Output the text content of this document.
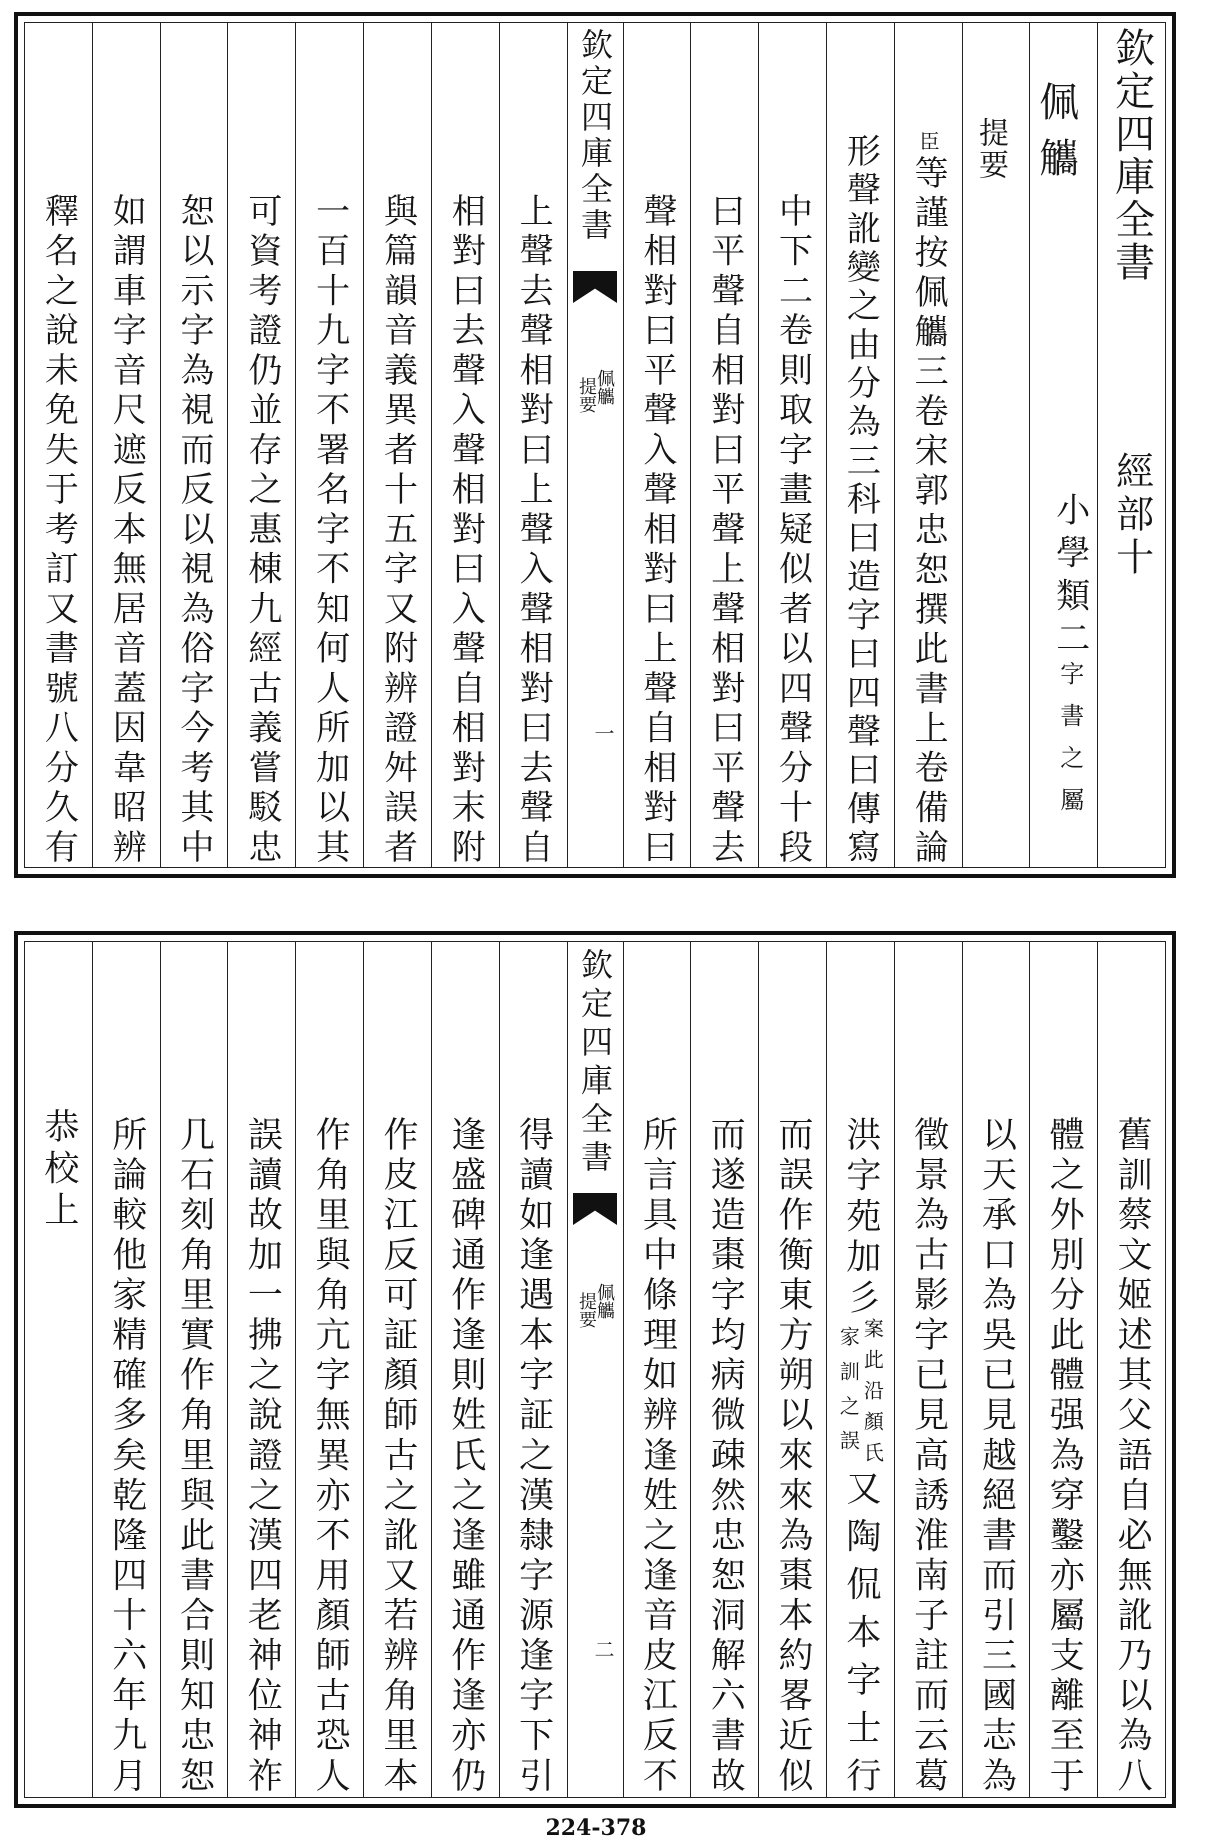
欽定四庫全書
經部十
佩觿
小學類二
字書之屬
提要
臣
等謹按佩觿三卷宋郭忠恕撰此書上卷備論
形聲訛變之由分為三科曰造字曰四聲曰傳寫
中下二卷則取字畫疑似者以四聲分十段
曰平聲自相對曰平聲上聲相對曰平聲去
聲相對曰平聲入聲相對曰上聲自相對曰
欽定四庫全書
佩觿
提要
一
上聲去聲相對曰上聲入聲相對曰去聲自
相對曰去聲入聲相對曰入聲自相對末附
與篇韻音義異者十五字又附辨證舛誤者
一百十九字不署名字不知何人所加以其
可資考證仍並存之惠棟九經古義嘗駁忠
恕以示字為視而反以視為俗字今考其中
如謂車字音尺遮反本無居音蓋因韋昭辨
釋名之說未免失于考訂又書號八分久有
舊訓蔡文姬述其父語自必無訛乃以為八
體之外別分此體强為穿鑿亦屬支離至于
以天承口為吳已見越絕書而引三國志為
徵景為古影字已見高誘淮南子註而云葛
洪字苑加彡
案此沿顏氏
家訓之誤
又陶侃本字士行
而誤作衡東方朔以來來為棗本約畧近似
而遂造棗字均病微疎然忠恕洞解六書故
所言具中條理如辨逢姓之逢音皮江反不
欽定四庫全書
佩觿
提要
二
得讀如逢遇本字証之漢隸字源逢字下引
逢盛碑通作逢則姓氏之逢雖通作逢亦仍
作皮江反可証顏師古之訛又若辨角里本
作角里與角亢字無異亦不用顏師古恐人
誤讀故加一拂之說證之漢四老神位神祚
几石刻角里實作角里與此書合則知忠恕
所論較他家精確多矣乾隆四十六年九月
恭校上
224-378
